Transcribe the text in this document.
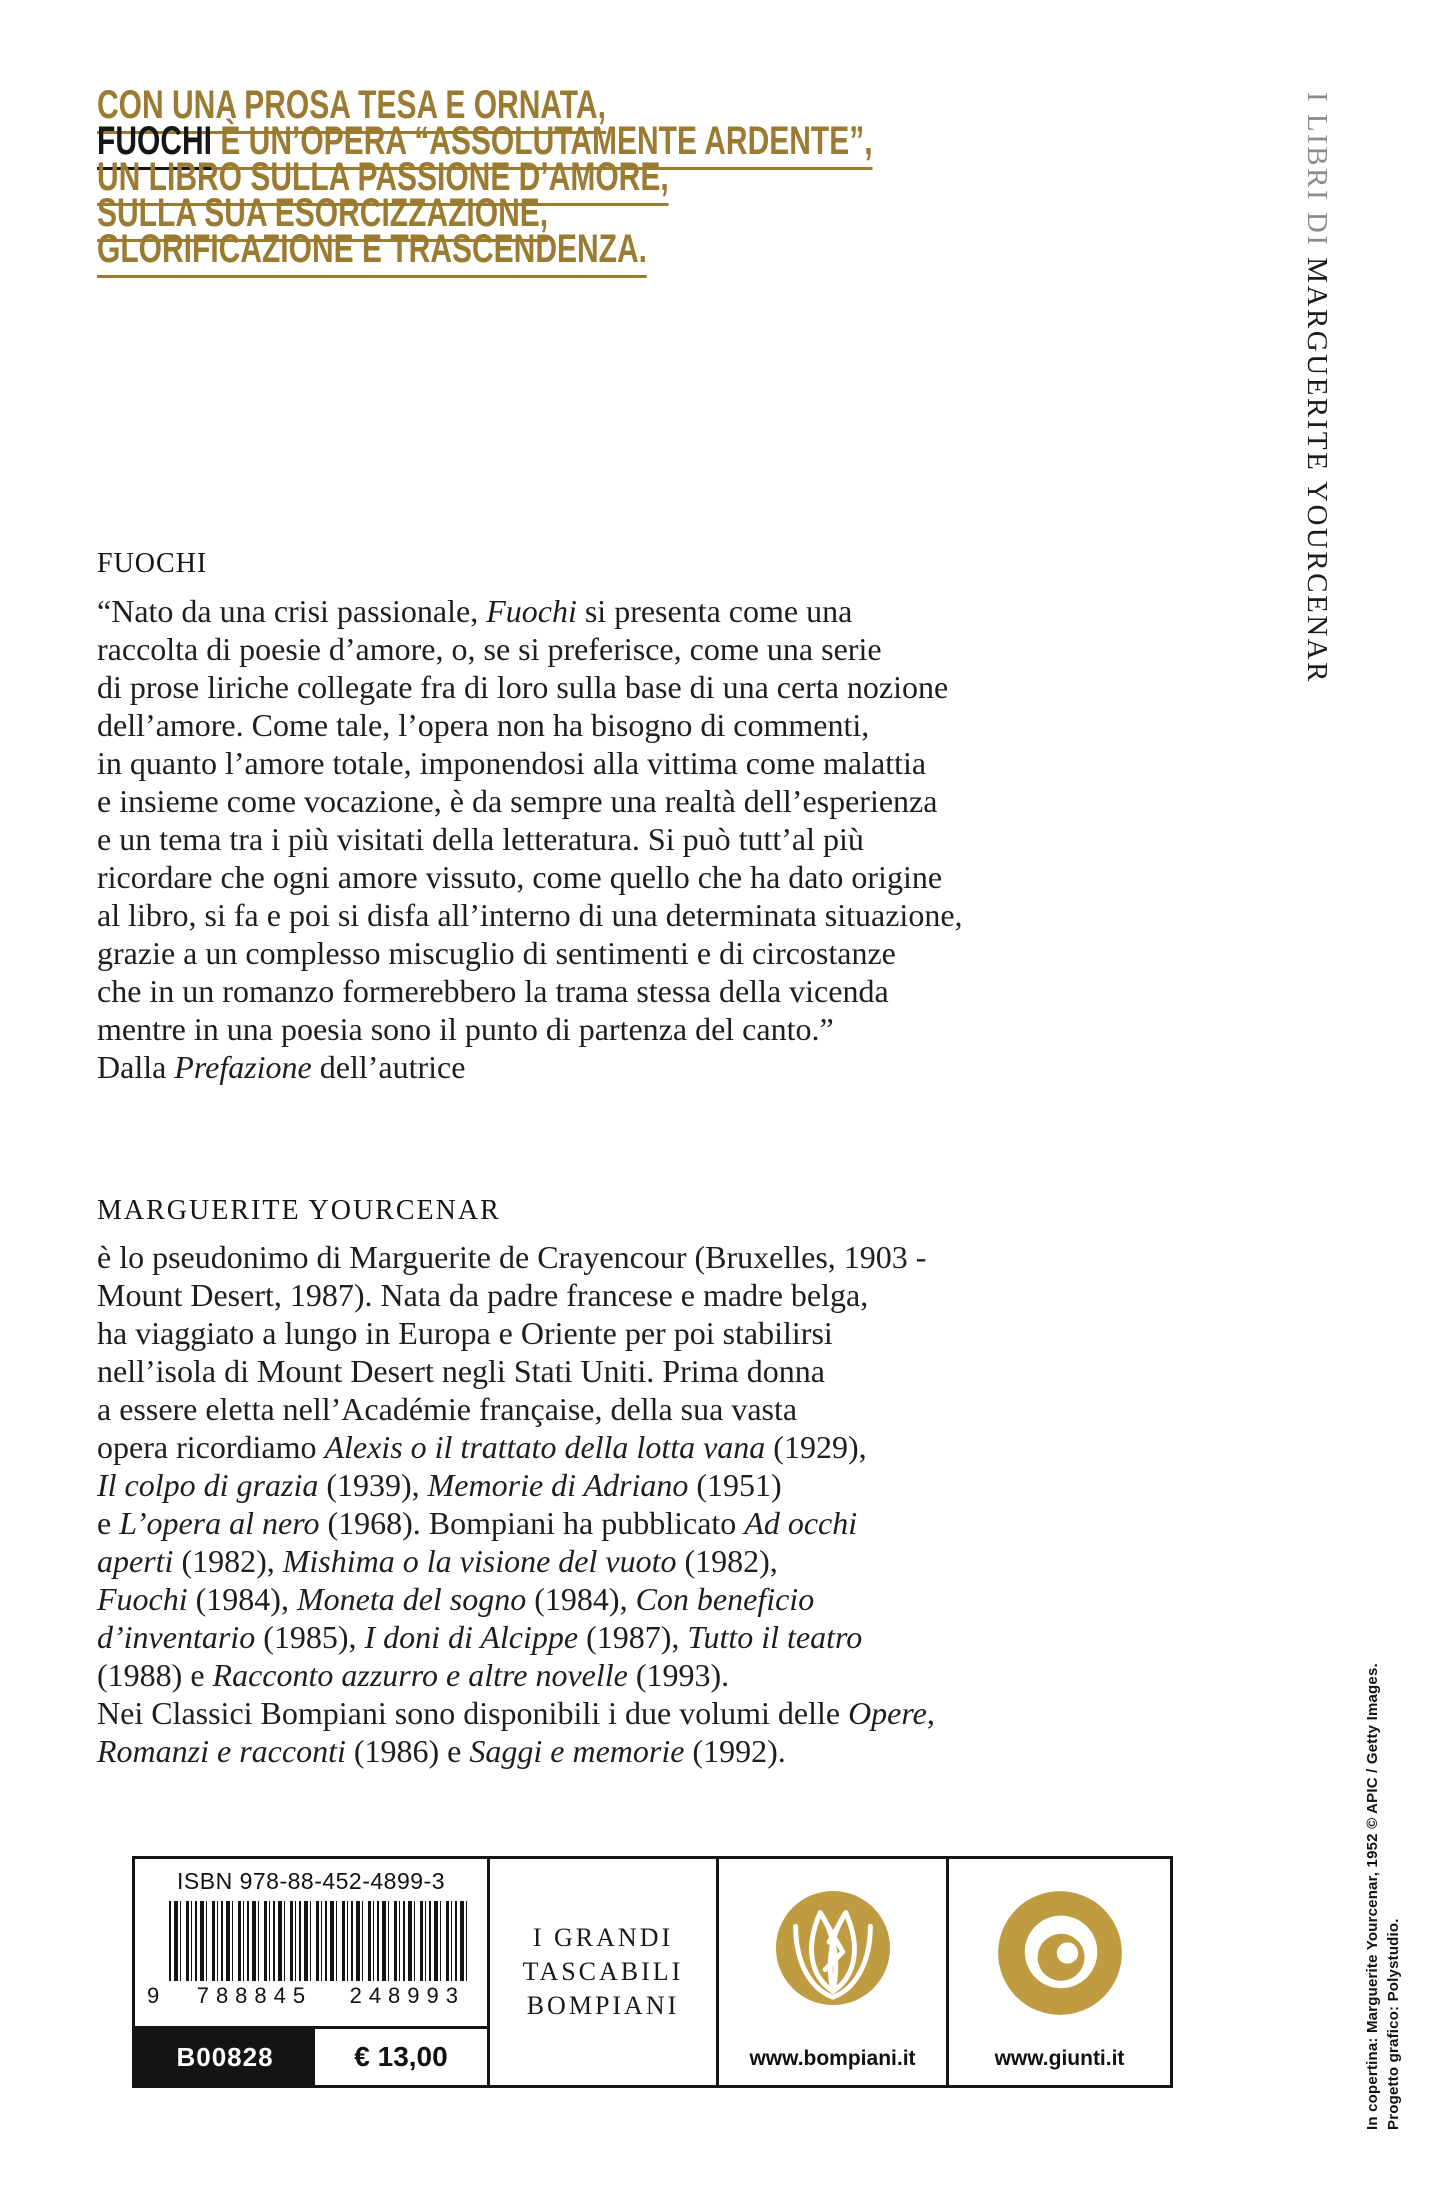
CON UNA PROSA TESA E ORNATA,
FUOCHI È UN’OPERA “ASSOLUTAMENTE ARDENTE”,
UN LIBRO SULLA PASSIONE D’AMORE,
SULLA SUA ESORCIZZAZIONE,
GLORIFICAZIONE E TRASCENDENZA.
FUOCHI
“Nato da una crisi passionale, Fuochi si presenta come una
raccolta di poesie d’amore, o, se si preferisce, come una serie
di prose liriche collegate fra di loro sulla base di una certa nozione
dell’amore. Come tale, l’opera non ha bisogno di commenti,
in quanto l’amore totale, imponendosi alla vittima come malattia
e insieme come vocazione, è da sempre una realtà dell’esperienza
e un tema tra i più visitati della letteratura. Si può tutt’al più
ricordare che ogni amore vissuto, come quello che ha dato origine
al libro, si fa e poi si disfa all’interno di una determinata situazione,
grazie a un complesso miscuglio di sentimenti e di circostanze
che in un romanzo formerebbero la trama stessa della vicenda
mentre in una poesia sono il punto di partenza del canto.”
Dalla Prefazione dell’autrice
MARGUERITE YOURCENAR
è lo pseudonimo di Marguerite de Crayencour (Bruxelles, 1903 -
Mount Desert, 1987). Nata da padre francese e madre belga,
ha viaggiato a lungo in Europa e Oriente per poi stabilirsi
nell’isola di Mount Desert negli Stati Uniti. Prima donna
a essere eletta nell’Académie française, della sua vasta
opera ricordiamo Alexis o il trattato della lotta vana (1929),
Il colpo di grazia (1939), Memorie di Adriano (1951)
e L’opera al nero (1968). Bompiani ha pubblicato Ad occhi
aperti (1982), Mishima o la visione del vuoto (1982),
Fuochi (1984), Moneta del sogno (1984), Con beneficio
d’inventario (1985), I doni di Alcippe (1987), Tutto il teatro
(1988) e Racconto azzurro e altre novelle (1993).
Nei Classici Bompiani sono disponibili i due volumi delle Opere,
Romanzi e racconti (1986) e Saggi e memorie (1992).
I LIBRI DI MARGUERITE YOURCENAR
In copertina: Marguerite Yourcenar, 1952 © APIC / Getty Images. Progetto grafico: Polystudio.
ISBN 978-88-452-4899-3
9 788845 248993
B00828	€ 13,00
I GRANDI
TASCABILI
BOMPIANI
www.bompiani.it	www.giunti.it
